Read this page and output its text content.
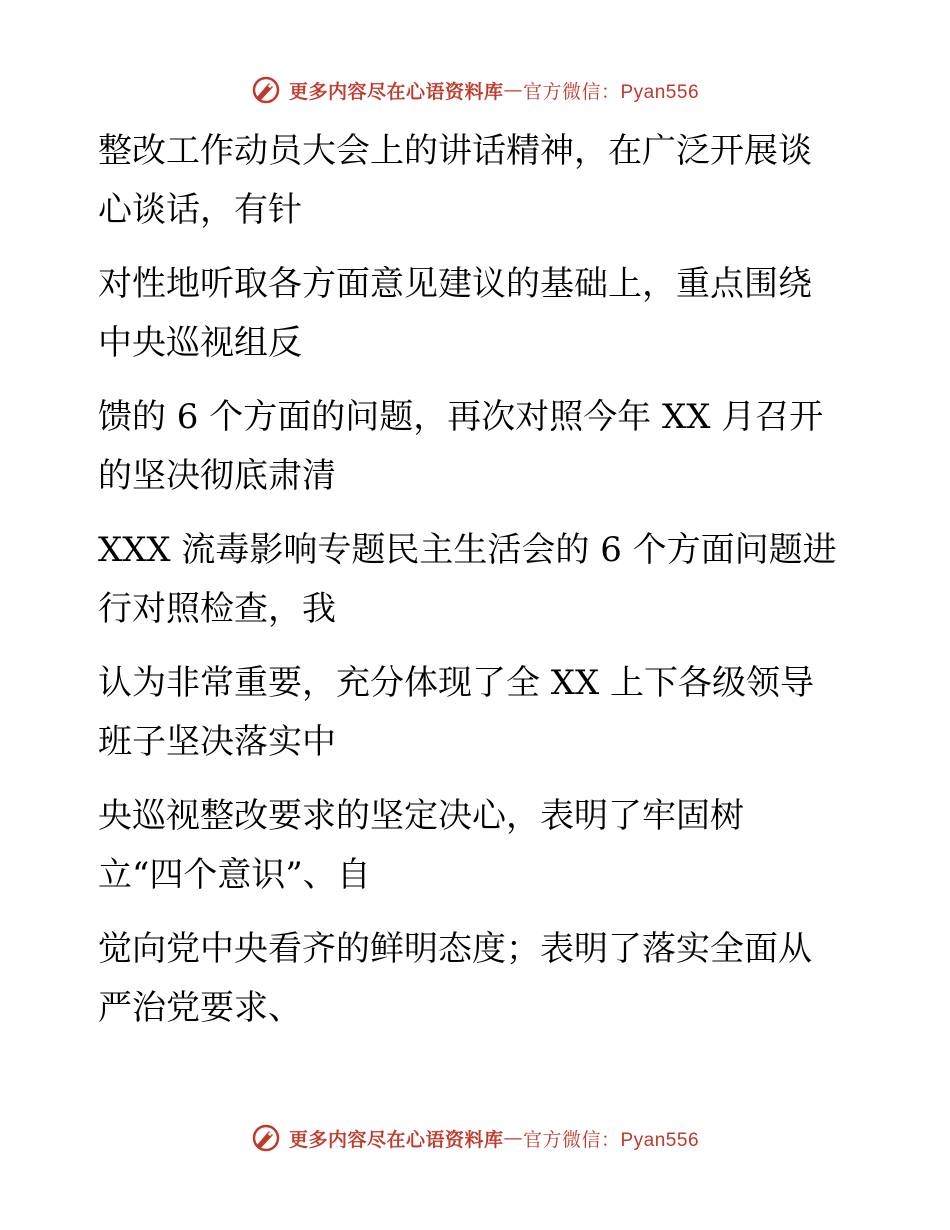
更多内容尽在心语资料库 — 官方微信：Pyan556

整改工作动员大会上的讲话精神，在广泛开展谈
心谈话，有针

对性地听取各方面意见建议的基础上，重点围绕
中央巡视组反

馈的 6 个方面的问题，再次对照今年 XX 月召开
的坚决彻底肃清

XXX 流毒影响专题民主生活会的 6 个方面问题进
行对照检查，我

认为非常重要，充分体现了全 XX 上下各级领导
班子坚决落实中

央巡视整改要求的坚定决心，表明了牢固树
立“四个意识”、自

觉向党中央看齐的鲜明态度；表明了落实全面从
严治党要求、

更多内容尽在心语资料库 — 官方微信：Pyan556
